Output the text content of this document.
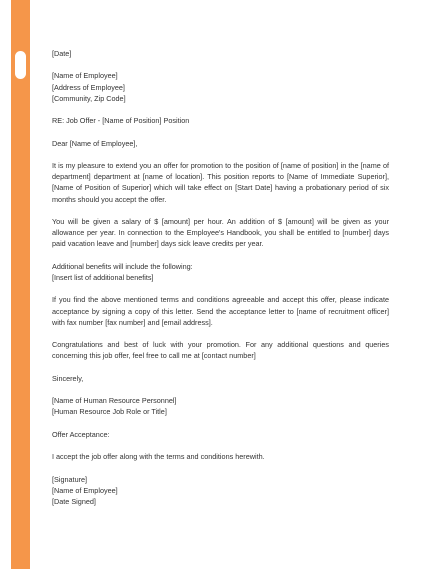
[Date]
[Name of Employee]
[Address of Employee]
[Community, Zip Code]
RE: Job Offer - [Name of Position] Position
Dear [Name of Employee],

It is my pleasure to extend you an offer for promotion to the position of [name of position] in the [name of department] department at [name of location]. This position reports to [Name of Immediate Superior], [Name of Position of Superior] which will take effect on [Start Date] having a probationary period of six months should you accept the offer.

You will be given a salary of $ [amount] per hour. An addition of $ [amount] will be given as your allowance per year. In connection to the Employee's Handbook, you shall be entitled to [number] days paid vacation leave and [number] days sick leave credits per year.

Additional benefits will include the following:
[Insert list of additional benefits]

If you find the above mentioned terms and conditions agreeable and accept this offer, please indicate acceptance by signing a copy of this letter. Send the acceptance letter to [name of recruitment officer] with fax number [fax number] and [email address].

Congratulations and best of luck with your promotion. For any additional questions and queries concerning this job offer, feel free to call me at [contact number]

Sincerely,
[Name of Human Resource Personnel]
[Human Resource Job Role or Title]
Offer Acceptance:
I accept the job offer along with the terms and conditions herewith.
[Signature]
[Name of Employee]
[Date Signed]
